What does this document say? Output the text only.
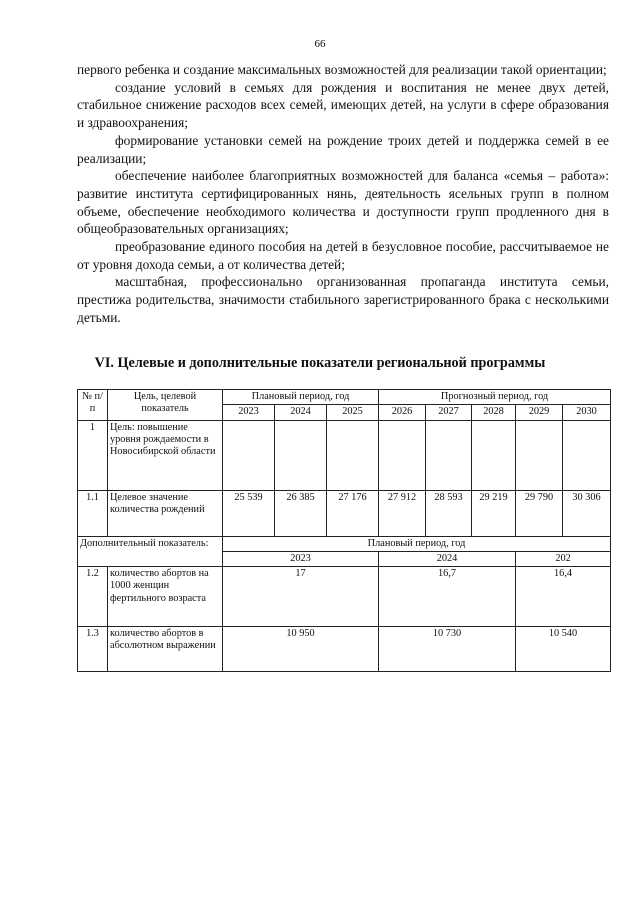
66

первого ребенка и создание максимальных возможностей для реализации такой ориентации;

создание условий в семьях для рождения и воспитания не менее двух детей, стабильное снижение расходов всех семей, имеющих детей, на услуги в сфере образования и здравоохранения;

формирование установки семей на рождение троих детей и поддержка семей в ее реализации;

обеспечение наиболее благоприятных возможностей для баланса «семья – работа»: развитие института сертифицированных нянь, деятельность ясельных групп в полном объеме, обеспечение необходимого количества и доступности групп продленного дня в общеобразовательных организациях;

преобразование единого пособия на детей в безусловное пособие, рассчитываемое не от уровня дохода семьи, а от количества детей;

масштабная, профессионально организованная пропаганда института семьи, престижа родительства, значимости стабильного зарегистрированного брака с несколькими детьми.

VI. Целевые и дополнительные показатели региональной программы
№ п/п	Цель, целевой показатель	Плановый период, год			Прогнозный период, год				
		2023	2024	2025	2026	2027	2028	2029	2030
1	Цель: повышение уровня рождаемости в Новосибирской области								
1.1	Целевое значение количества рождений	25 539	26 385	27 176	27 912	28 593	29 219	29 790	30 306
Дополнительный показатель:		Плановый период, год							
		2023			2024			202	
1.2	количество абортов на 1000 женщин фертильного возраста	17			16,7			16,4	
1.3	количество абортов в абсолютном выражении	10 950			10 730			10 540	
